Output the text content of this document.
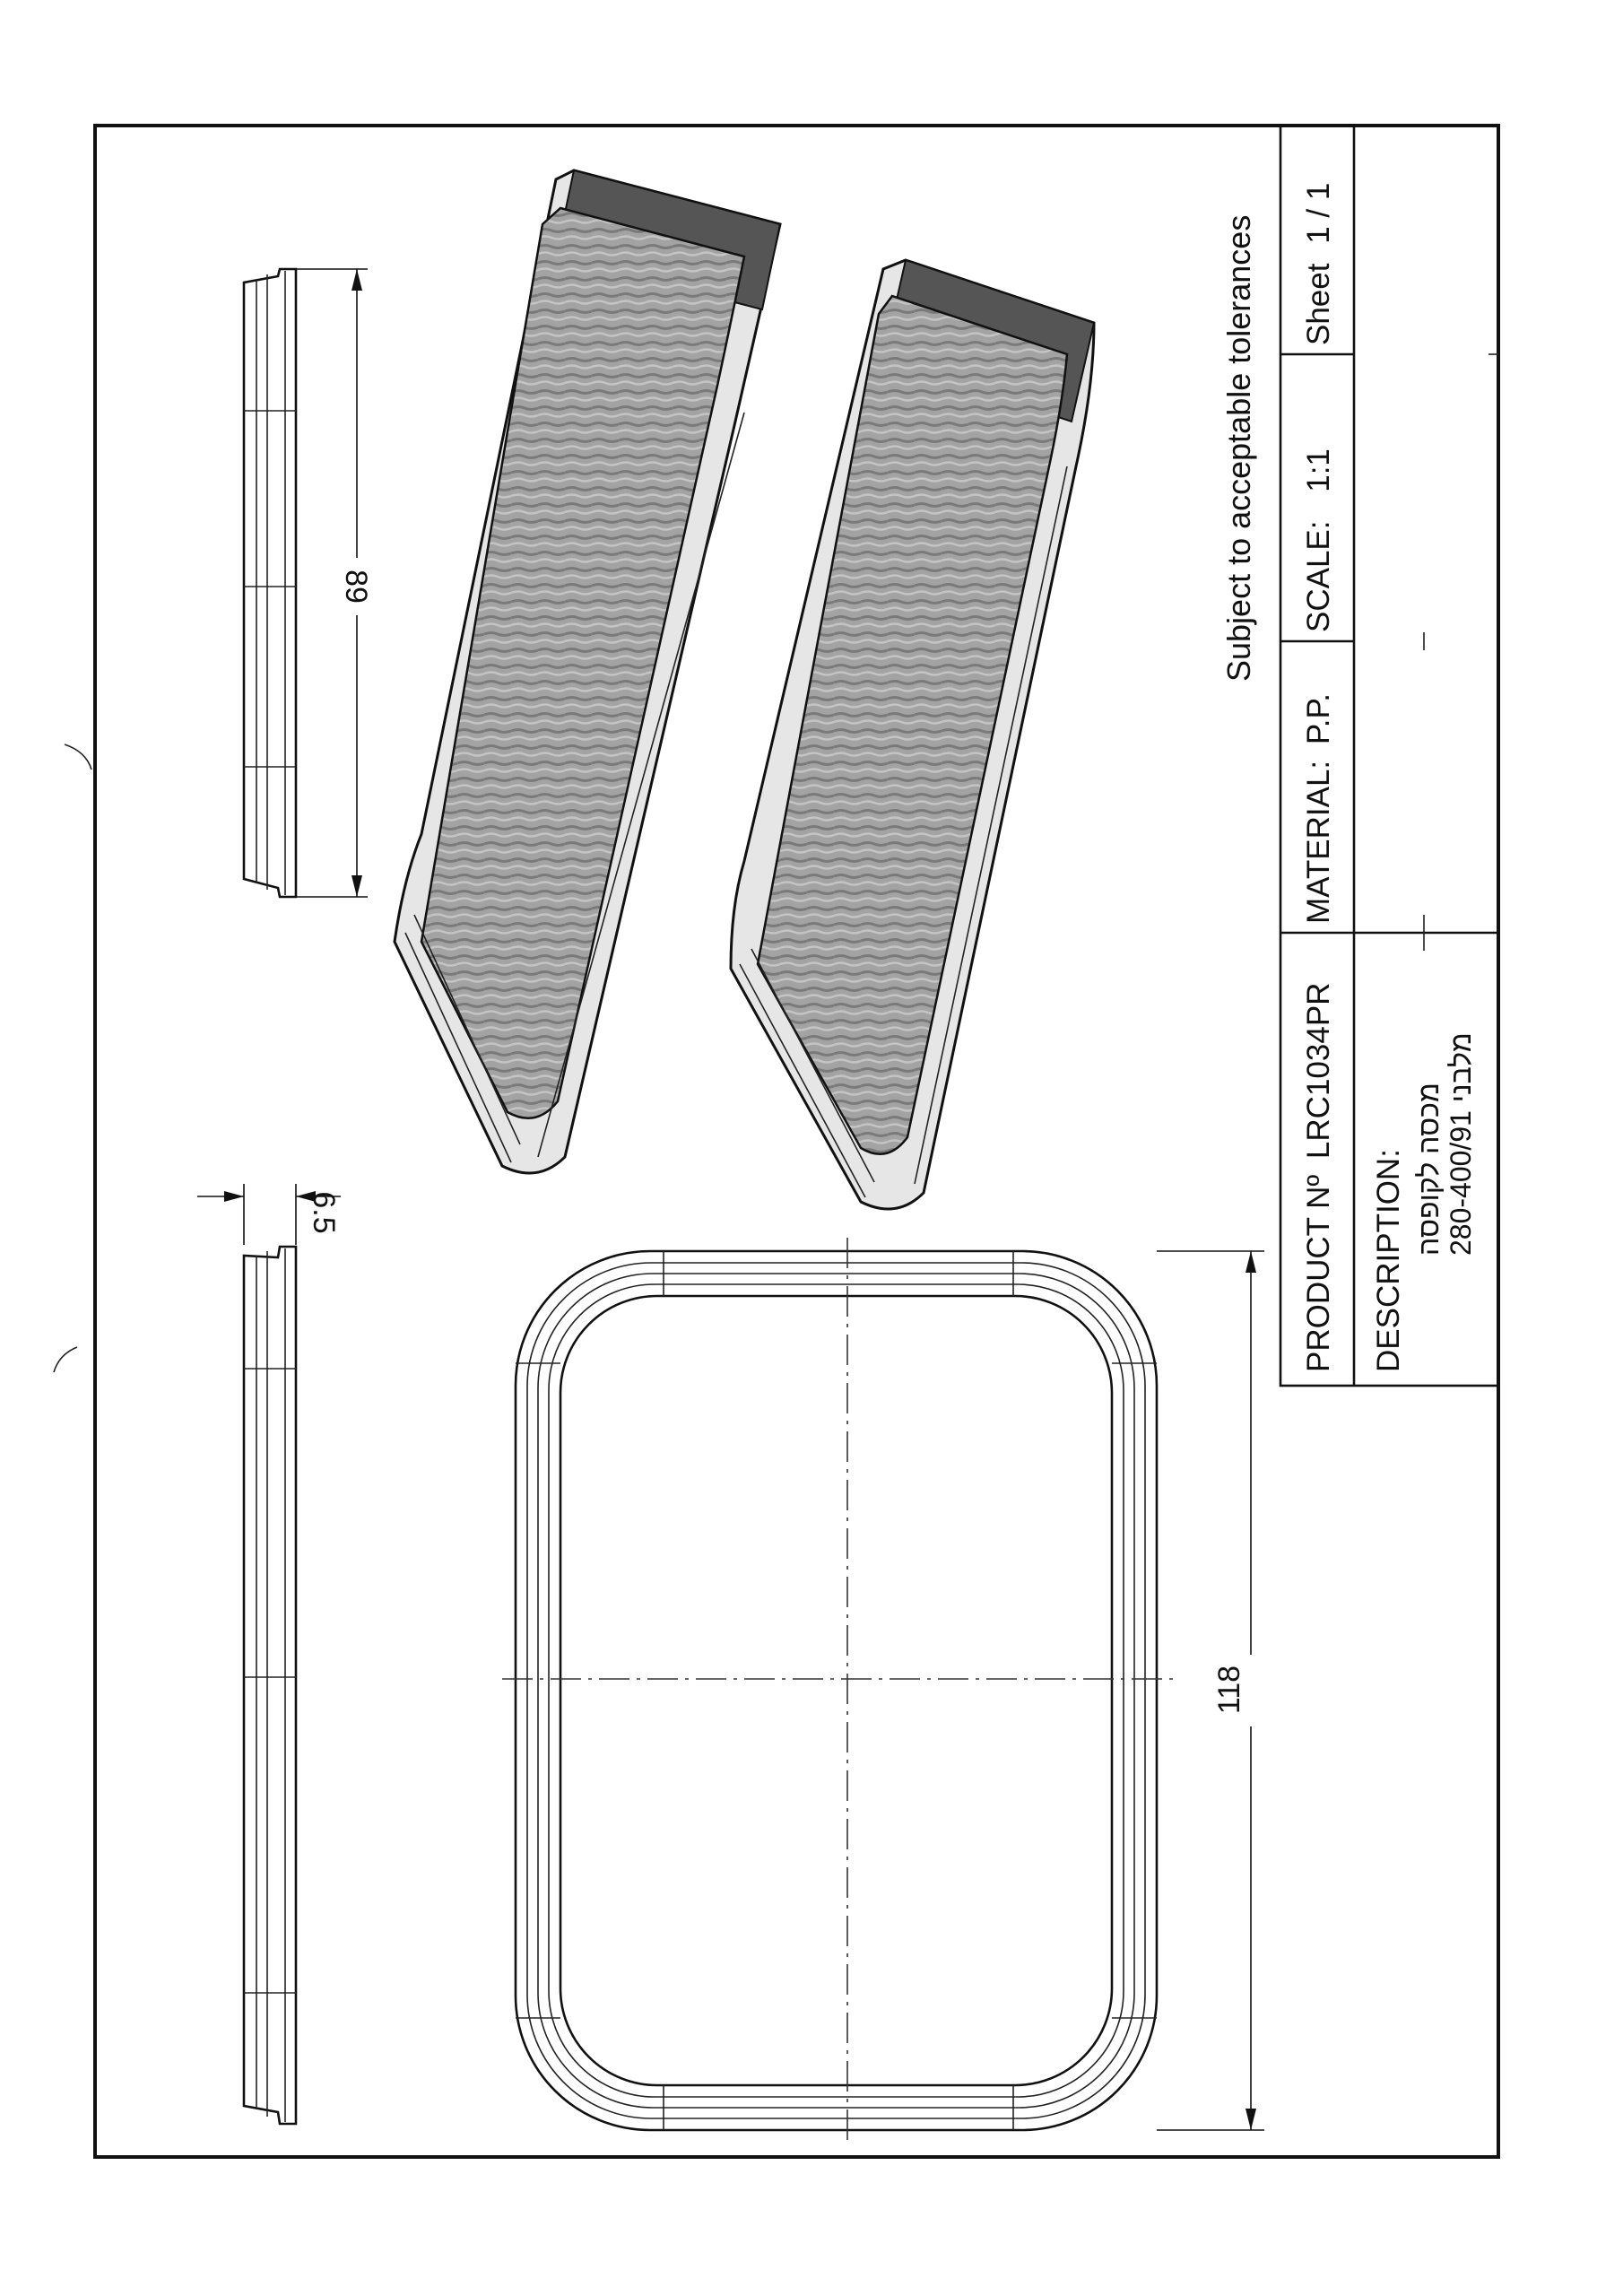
6.5
89
118
PRODUCT Nº LRC1034PR
MATERIAL: P.P.
SCALE: 1:1
Sheet 1 / 1
DESCRIPTION: מכסה לקופסה מלבני 280-400/91
Subject to acceptable tolerances
